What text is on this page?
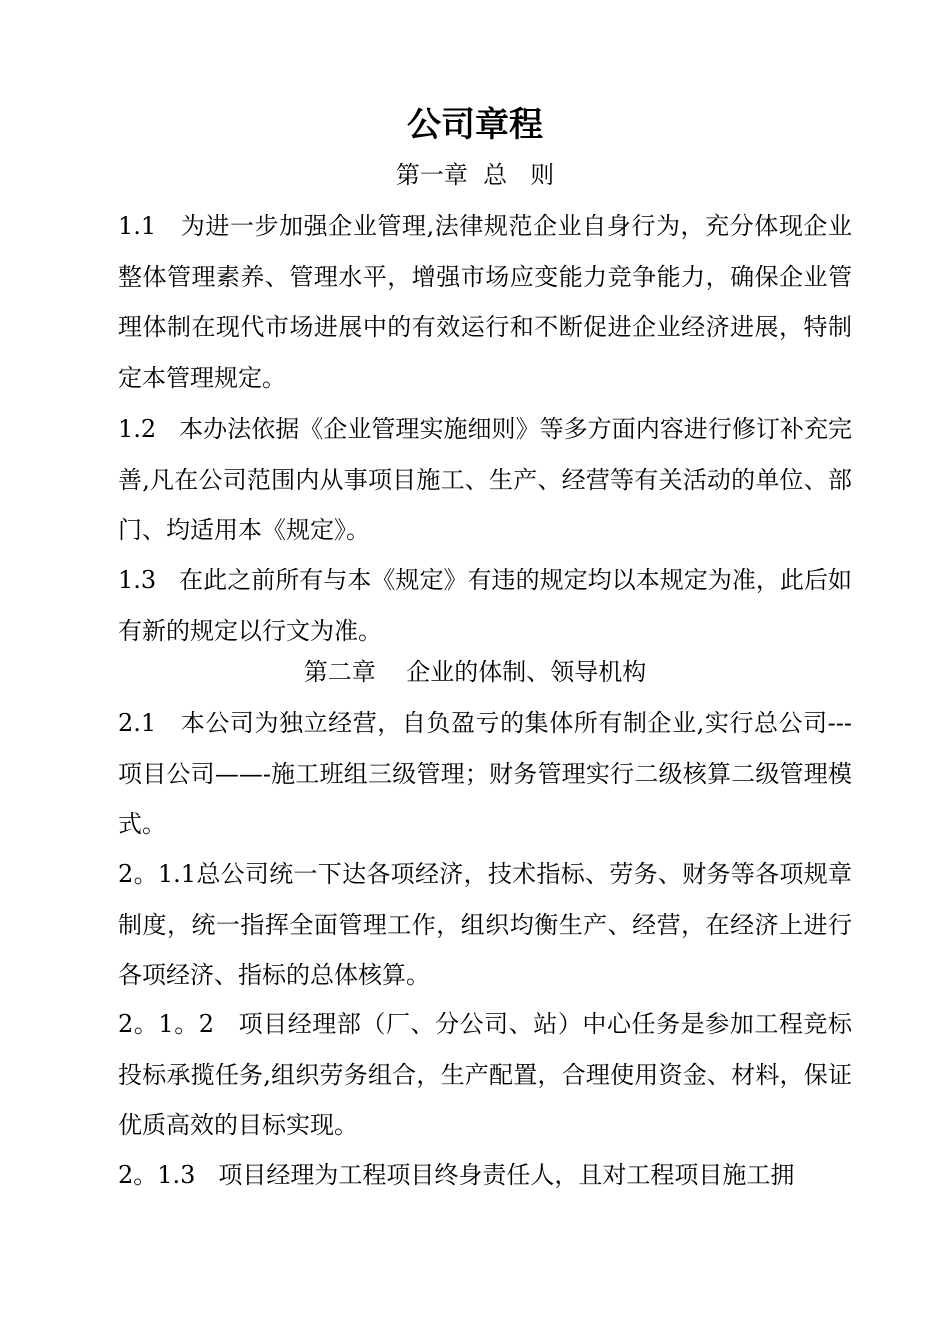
公司章程

第一章  总   则

1.1   为进一步加强企业管理,法律规范企业自身行为，充分体现企业整体管理素养、管理水平，增强市场应变能力竞争能力，确保企业管理体制在现代市场进展中的有效运行和不断促进企业经济进展，特制定本管理规定。

1.2   本办法依据《企业管理实施细则》等多方面内容进行修订补充完善,凡在公司范围内从事项目施工、生产、经营等有关活动的单位、部门、均适用本《规定》。

1.3   在此之前所有与本《规定》有违的规定均以本规定为准，此后如有新的规定以行文为准。

第二章    企业的体制、领导机构

2.1   本公司为独立经营，自负盈亏的集体所有制企业,实行总公司---项目公司——-施工班组三级管理；财务管理实行二级核算二级管理模式。

2。1.1总公司统一下达各项经济，技术指标、劳务、财务等各项规章制度，统一指挥全面管理工作，组织均衡生产、经营，在经济上进行各项经济、指标的总体核算。

2。1。2   项目经理部（厂、分公司、站）中心任务是参加工程竞标投标承揽任务,组织劳务组合，生产配置，合理使用资金、材料，保证优质高效的目标实现。

2。1.3   项目经理为工程项目终身责任人，且对工程项目施工拥
